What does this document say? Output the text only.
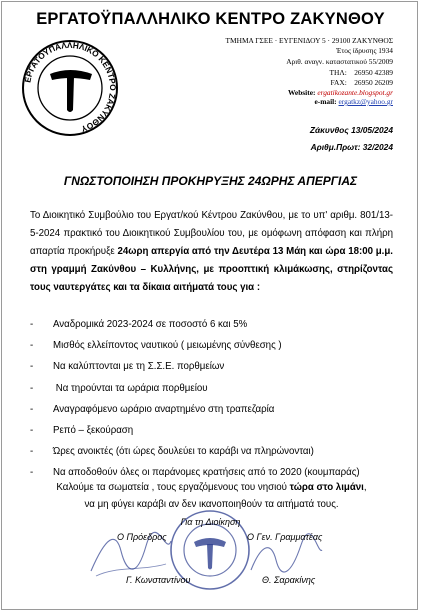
ΕΡΓΑΤΟΫΠΑΛΛΗΛΙΚΟ ΚΕΝΤΡΟ ΖΑΚΥΝΘΟΥ
ΕΡΓΑΤΟΫΠΑΛΛΗΛΙΚΟ ΚΕΝΤΡΟ ΖΑΚΥΝΘΟΥ
ΤΜΗΜΑ ΓΣΕΕ · ΕΥΓΕΝΙΔΟΥ 5 · 29100 ΖΑΚΥΝΘΟΣ
Έτος ίδρυσης 1934
Αριθ. αναγν. καταστατικού 55/2009
ΤΗΛ: 26950 42389
FAX: 26950 26209
Website: ergatikozante.blogspot.gr
e-mail: ergatkz@yahoo.gr
Ζάκυνθος 13/05/2024
Αριθμ.Πρωτ: 32/2024
ΓΝΩΣΤΟΠΟΙΗΣΗ ΠΡΟΚΗΡΥΞΗΣ 24ΩΡΗΣ ΑΠΕΡΓΙΑΣ

Το Διοικητικό Συμβούλιο του Εργατ/κού Κέντρου Ζακύνθου, με το υπ' αριθμ. 801/13-5-2024 πρακτικό του Διοικητικού Συμβουλίου του, με ομόφωνη απόφαση και πλήρη απαρτία προκήρυξε 24ωρη απεργία από την Δευτέρα 13 Μάη και ώρα 18:00 μ.μ. στη γραμμή Ζακύνθου – Κυλλήνης, με προοπτική κλιμάκωσης, στηρίζοντας τους ναυτεργάτες και τα δίκαια αιτήματά τους για :

- Αναδρομικά 2023-2024 σε ποσοστό 6 και 5%
- Μισθός ελλείποντος ναυτικού ( μειωμένης σύνθεσης )
- Να καλύπτονται με τη Σ.Σ.Ε. πορθμείων
- Να τηρούνται τα ωράρια πορθμείου
- Αναγραφόμενο ωράριο αναρτημένο στη τραπεζαρία
- Ρεπό – ξεκούραση
- Ώρες ανοικτές (ότι ώρες δουλεύει το καράβι να πληρώνονται)
- Να αποδοθούν όλες οι παράνομες κρατήσεις από το 2020 (κουμπαράς)
Καλούμε τα σωματεία , τους εργαζόμενους του νησιού τώρα στο λιμάνι,
να μη φύγει καράβι αν δεν ικανοποιηθούν τα αιτήματά τους.
Για τη Διοίκηση
Ο Πρόεδρος	Ο Γεν. Γραμματέας
Γ. Κωνσταντίνου	Θ. Σαρακίνης
